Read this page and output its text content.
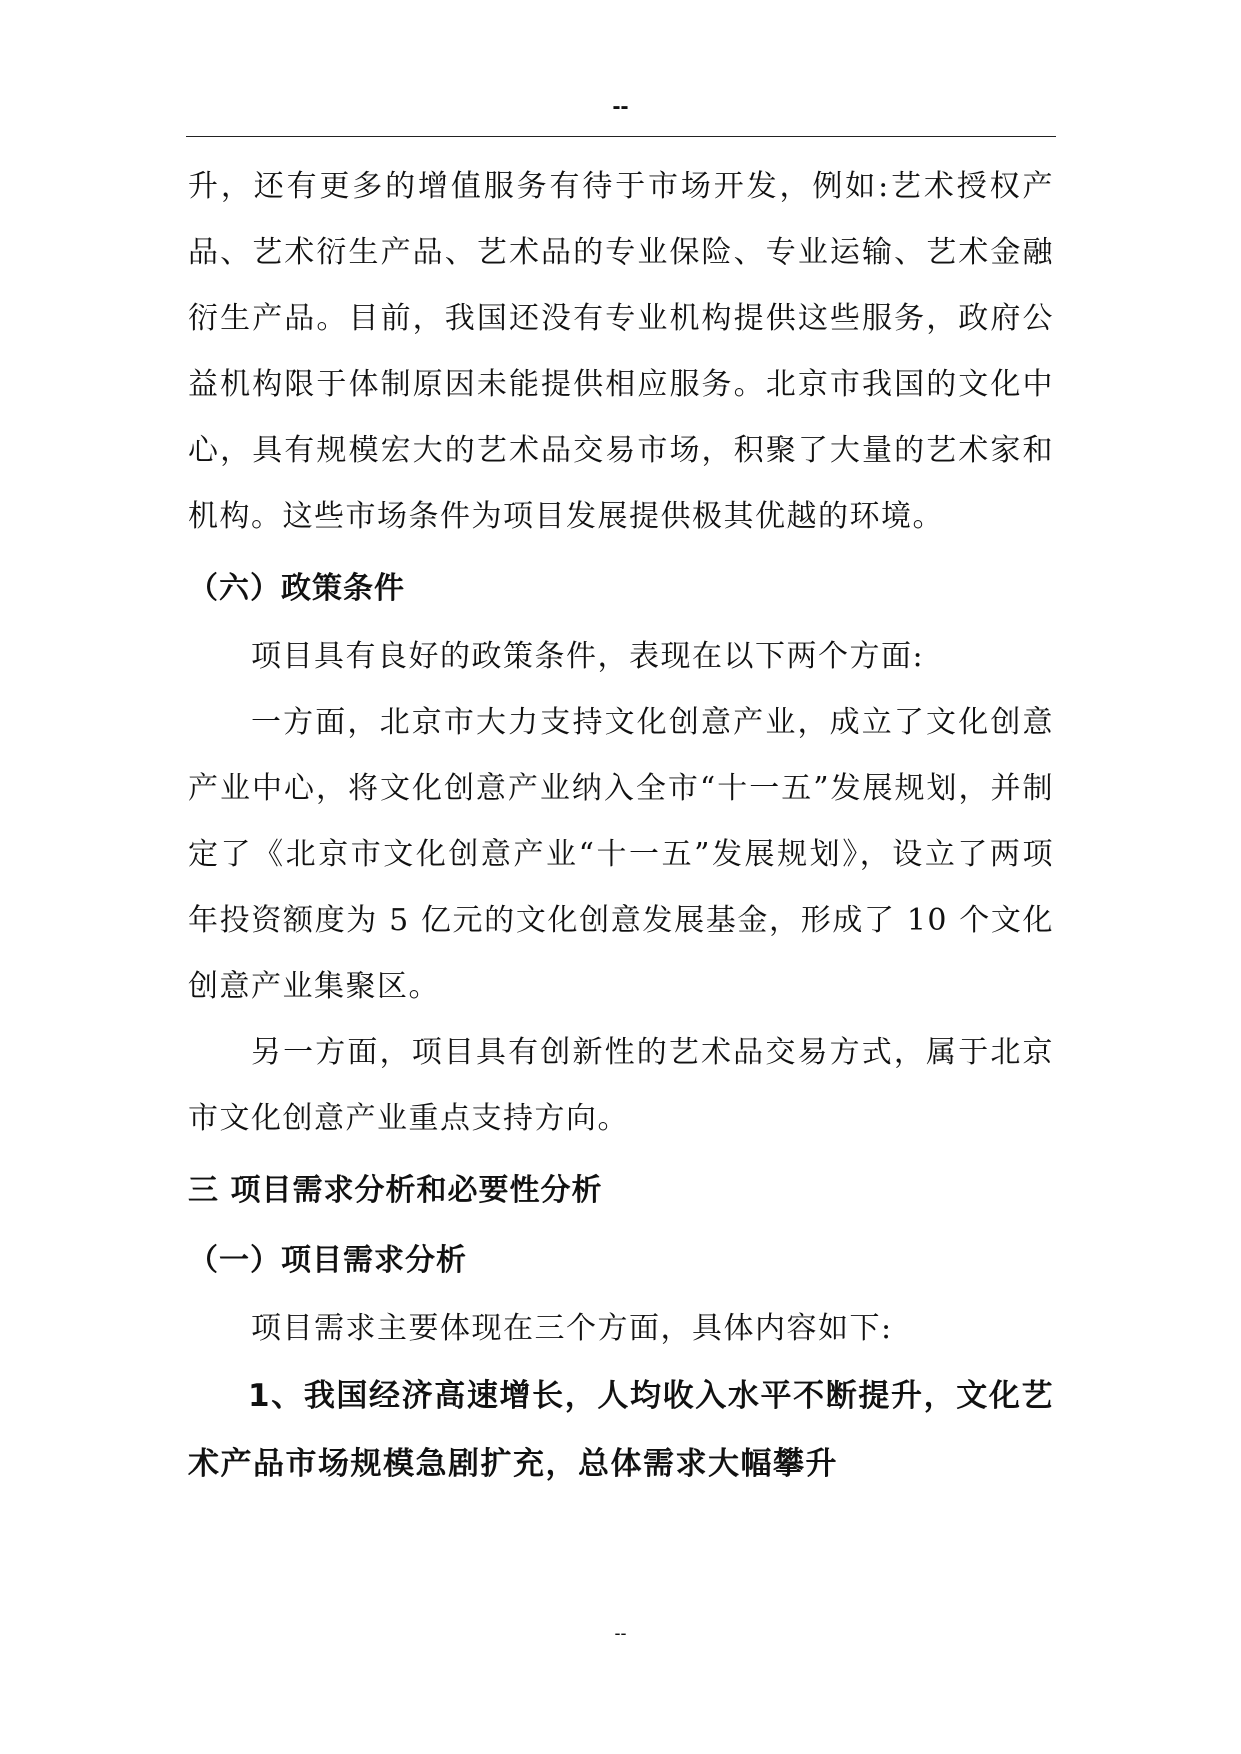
--

升，还有更多的增值服务有待于市场开发，例如:艺术授权产品、艺术衍生产品、艺术品的专业保险、专业运输、艺术金融衍生产品。目前，我国还没有专业机构提供这些服务，政府公益机构限于体制原因未能提供相应服务。北京市我国的文化中心，具有规模宏大的艺术品交易市场，积聚了大量的艺术家和机构。这些市场条件为项目发展提供极其优越的环境。

（六）政策条件

项目具有良好的政策条件，表现在以下两个方面:

一方面，北京市大力支持文化创意产业，成立了文化创意产业中心，将文化创意产业纳入全市“十一五”发展规划，并制定了《北京市文化创意产业“十一五”发展规划》，设立了两项年投资额度为 5 亿元的文化创意发展基金，形成了 10 个文化创意产业集聚区。

另一方面，项目具有创新性的艺术品交易方式，属于北京市文化创意产业重点支持方向。

三 项目需求分析和必要性分析
（一）项目需求分析

项目需求主要体现在三个方面，具体内容如下:

1、我国经济高速增长，人均收入水平不断提升，文化艺术产品市场规模急剧扩充，总体需求大幅攀升

--
